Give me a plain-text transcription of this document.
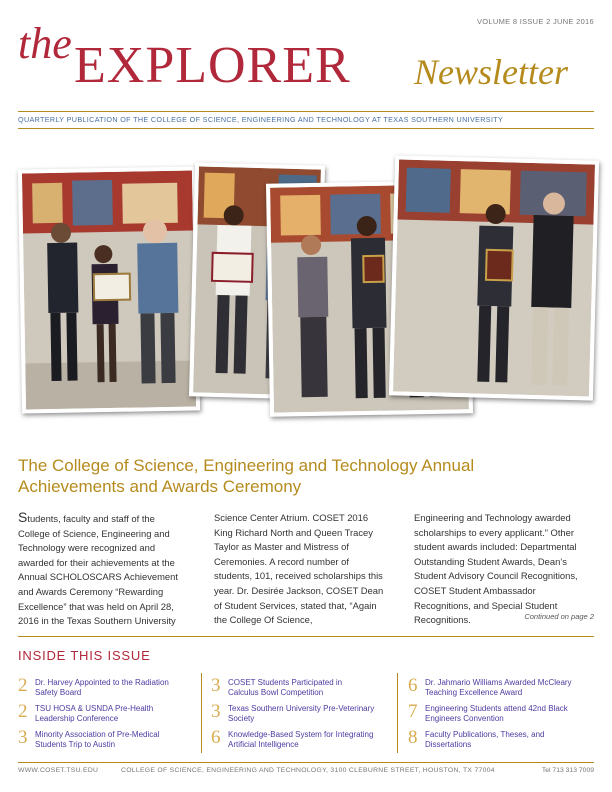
VOLUME 8 ISSUE 2 JUNE 2016
the EXPLORER Newsletter
QUARTERLY PUBLICATION OF THE COLLEGE OF SCIENCE, ENGINEERING AND TECHNOLOGY AT TEXAS SOUTHERN UNIVERSITY
The College of Science, Engineering and Technology Annual Achievements and Awards Ceremony
Students, faculty and staff of the College of Science, Engineering and Technology were recognized and awarded for their achievements at the Annual SCHOLOSCARS Achievement and Awards Ceremony “Rewarding Excellence” that was held on April 28, 2016 in the Texas Southern University
Science Center Atrium. COSET 2016 King Richard North and Queen Tracey Taylor as Master and Mistress of Ceremonies. A record number of students, 101, received scholarships this year. Dr. Desirée Jackson, COSET Dean of Student Services, stated that, “Again the College Of Science,
Engineering and Technology awarded scholarships to every applicant.” Other student awards included: Departmental Outstanding Student Awards, Dean’s Student Advisory Council Recognitions, COSET Student Ambassador Recognitions, and Special Student Recognitions.	Continued on page 2
INSIDE THIS ISSUE
2 Dr. Harvey Appointed to the Radiation Safety Board
2 TSU HOSA & USNDA Pre-Health Leadership Conference
3 Minority Association of Pre-Medical Students Trip to Austin
3 COSET Students Participated in Calculus Bowl Competition
3 Texas Southern University Pre-Veterinary Society
6 Knowledge-Based System for Integrating Artificial Intelligence
6 Dr. Jahmario Williams Awarded McCleary Teaching Excellence Award
7 Engineering Students attend 42nd Black Engineers Convention
8 Faculty Publications, Theses, and Dissertations
WWW.COSET.TSU.EDU	COLLEGE OF SCIENCE, ENGINEERING AND TECHNOLOGY, 3100 CLEBURNE STREET, HOUSTON, TX 77004	Tel 713 313 7009
